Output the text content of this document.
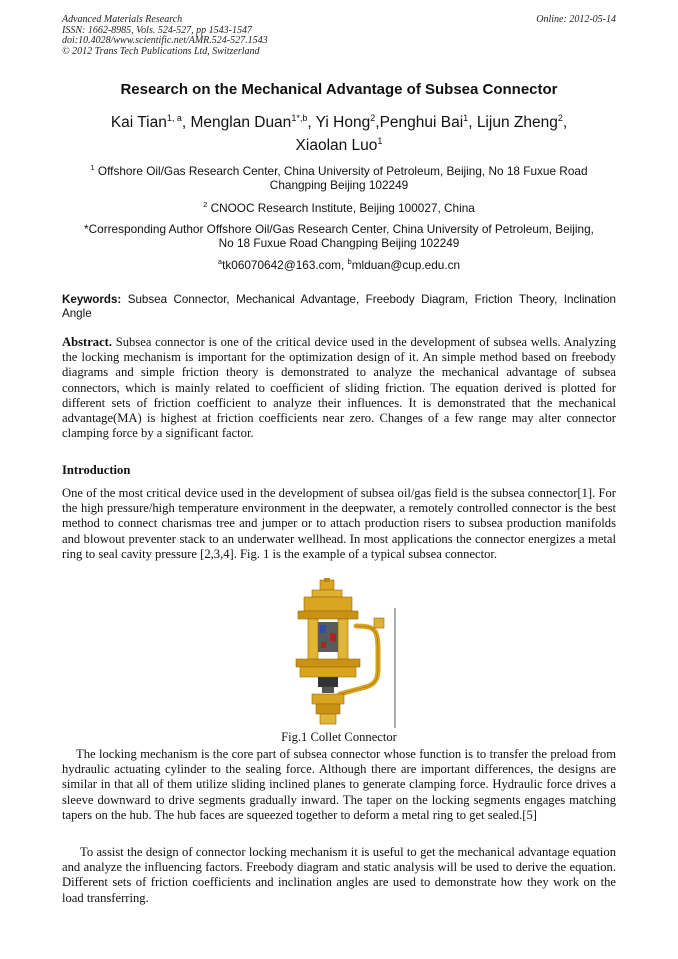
Advanced Materials Research
ISSN: 1662-8985, Vols. 524-527, pp 1543-1547
doi:10.4028/www.scientific.net/AMR.524-527.1543
© 2012 Trans Tech Publications Ltd, Switzerland
Online: 2012-05-14
Research on the Mechanical Advantage of Subsea Connector
Kai Tian$^{1, a}$, Menglan Duan$^{1*,b}$, Yi Hong$^2$,Penghui Bai$^1$, Lijun Zheng$^2$,
Xiaolan Luo$^1$
$^1$ Offshore Oil/Gas Research Center, China University of Petroleum, Beijing, No 18 Fuxue Road
Changping Beijing 102249
$^2$ CNOOC Research Institute, Beijing 100027, China
*Corresponding Author Offshore Oil/Gas Research Center, China University of Petroleum, Beijing,
No 18 Fuxue Road Changping Beijing 102249
$^a$tk06070642@163.com, $^b$mlduan@cup.edu.cn
Keywords: Subsea Connector, Mechanical Advantage, Freebody Diagram, Friction Theory, Inclination Angle
Abstract. Subsea connector is one of the critical device used in the development of subsea wells. Analyzing the locking mechanism is important for the optimization design of it. An simple method based on freebody diagrams and simple friction theory is demonstrated to analyze the mechanical advantage of subsea connectors, which is mainly related to coefficient of sliding friction. The equation derived is plotted for different sets of friction coefficient to analyze their influences. It is demonstrated that the mechanical advantage(MA) is highest at friction coefficients near zero. Changes of a few range may alter connector clamping force by a significant factor.
Introduction
One of the most critical device used in the development of subsea oil/gas field is the subsea connector[1]. For the high pressure/high temperature environment in the deepwater, a remotely controlled connector is the best method to connect charismas tree and jumper or to attach production risers to subsea production manifolds and blowout preventer stack to an underwater wellhead. In most applications the connector energizes a metal ring to seal cavity pressure [2,3,4]. Fig. 1 is the example of a typical subsea connector.
Fig.1 Collet Connector
The locking mechanism is the core part of subsea connector whose function is to transfer the preload from hydraulic actuating cylinder to the sealing force. Although there are important differences, the designs are similar in that all of them utilize sliding inclined planes to generate clamping force. Hydraulic force drives a sleeve downward to drive segments gradually inward. The taper on the locking segments engages matching tapers on the hub. The hub faces are squeezed together to deform a metal ring to get sealed.[5]
To assist the design of connector locking mechanism it is useful to get the mechanical advantage equation and analyze the influencing factors. Freebody diagram and static analysis will be used to derive the equation. Different sets of friction coefficients and inclination angles are used to demonstrate how they work on the load transferring.
